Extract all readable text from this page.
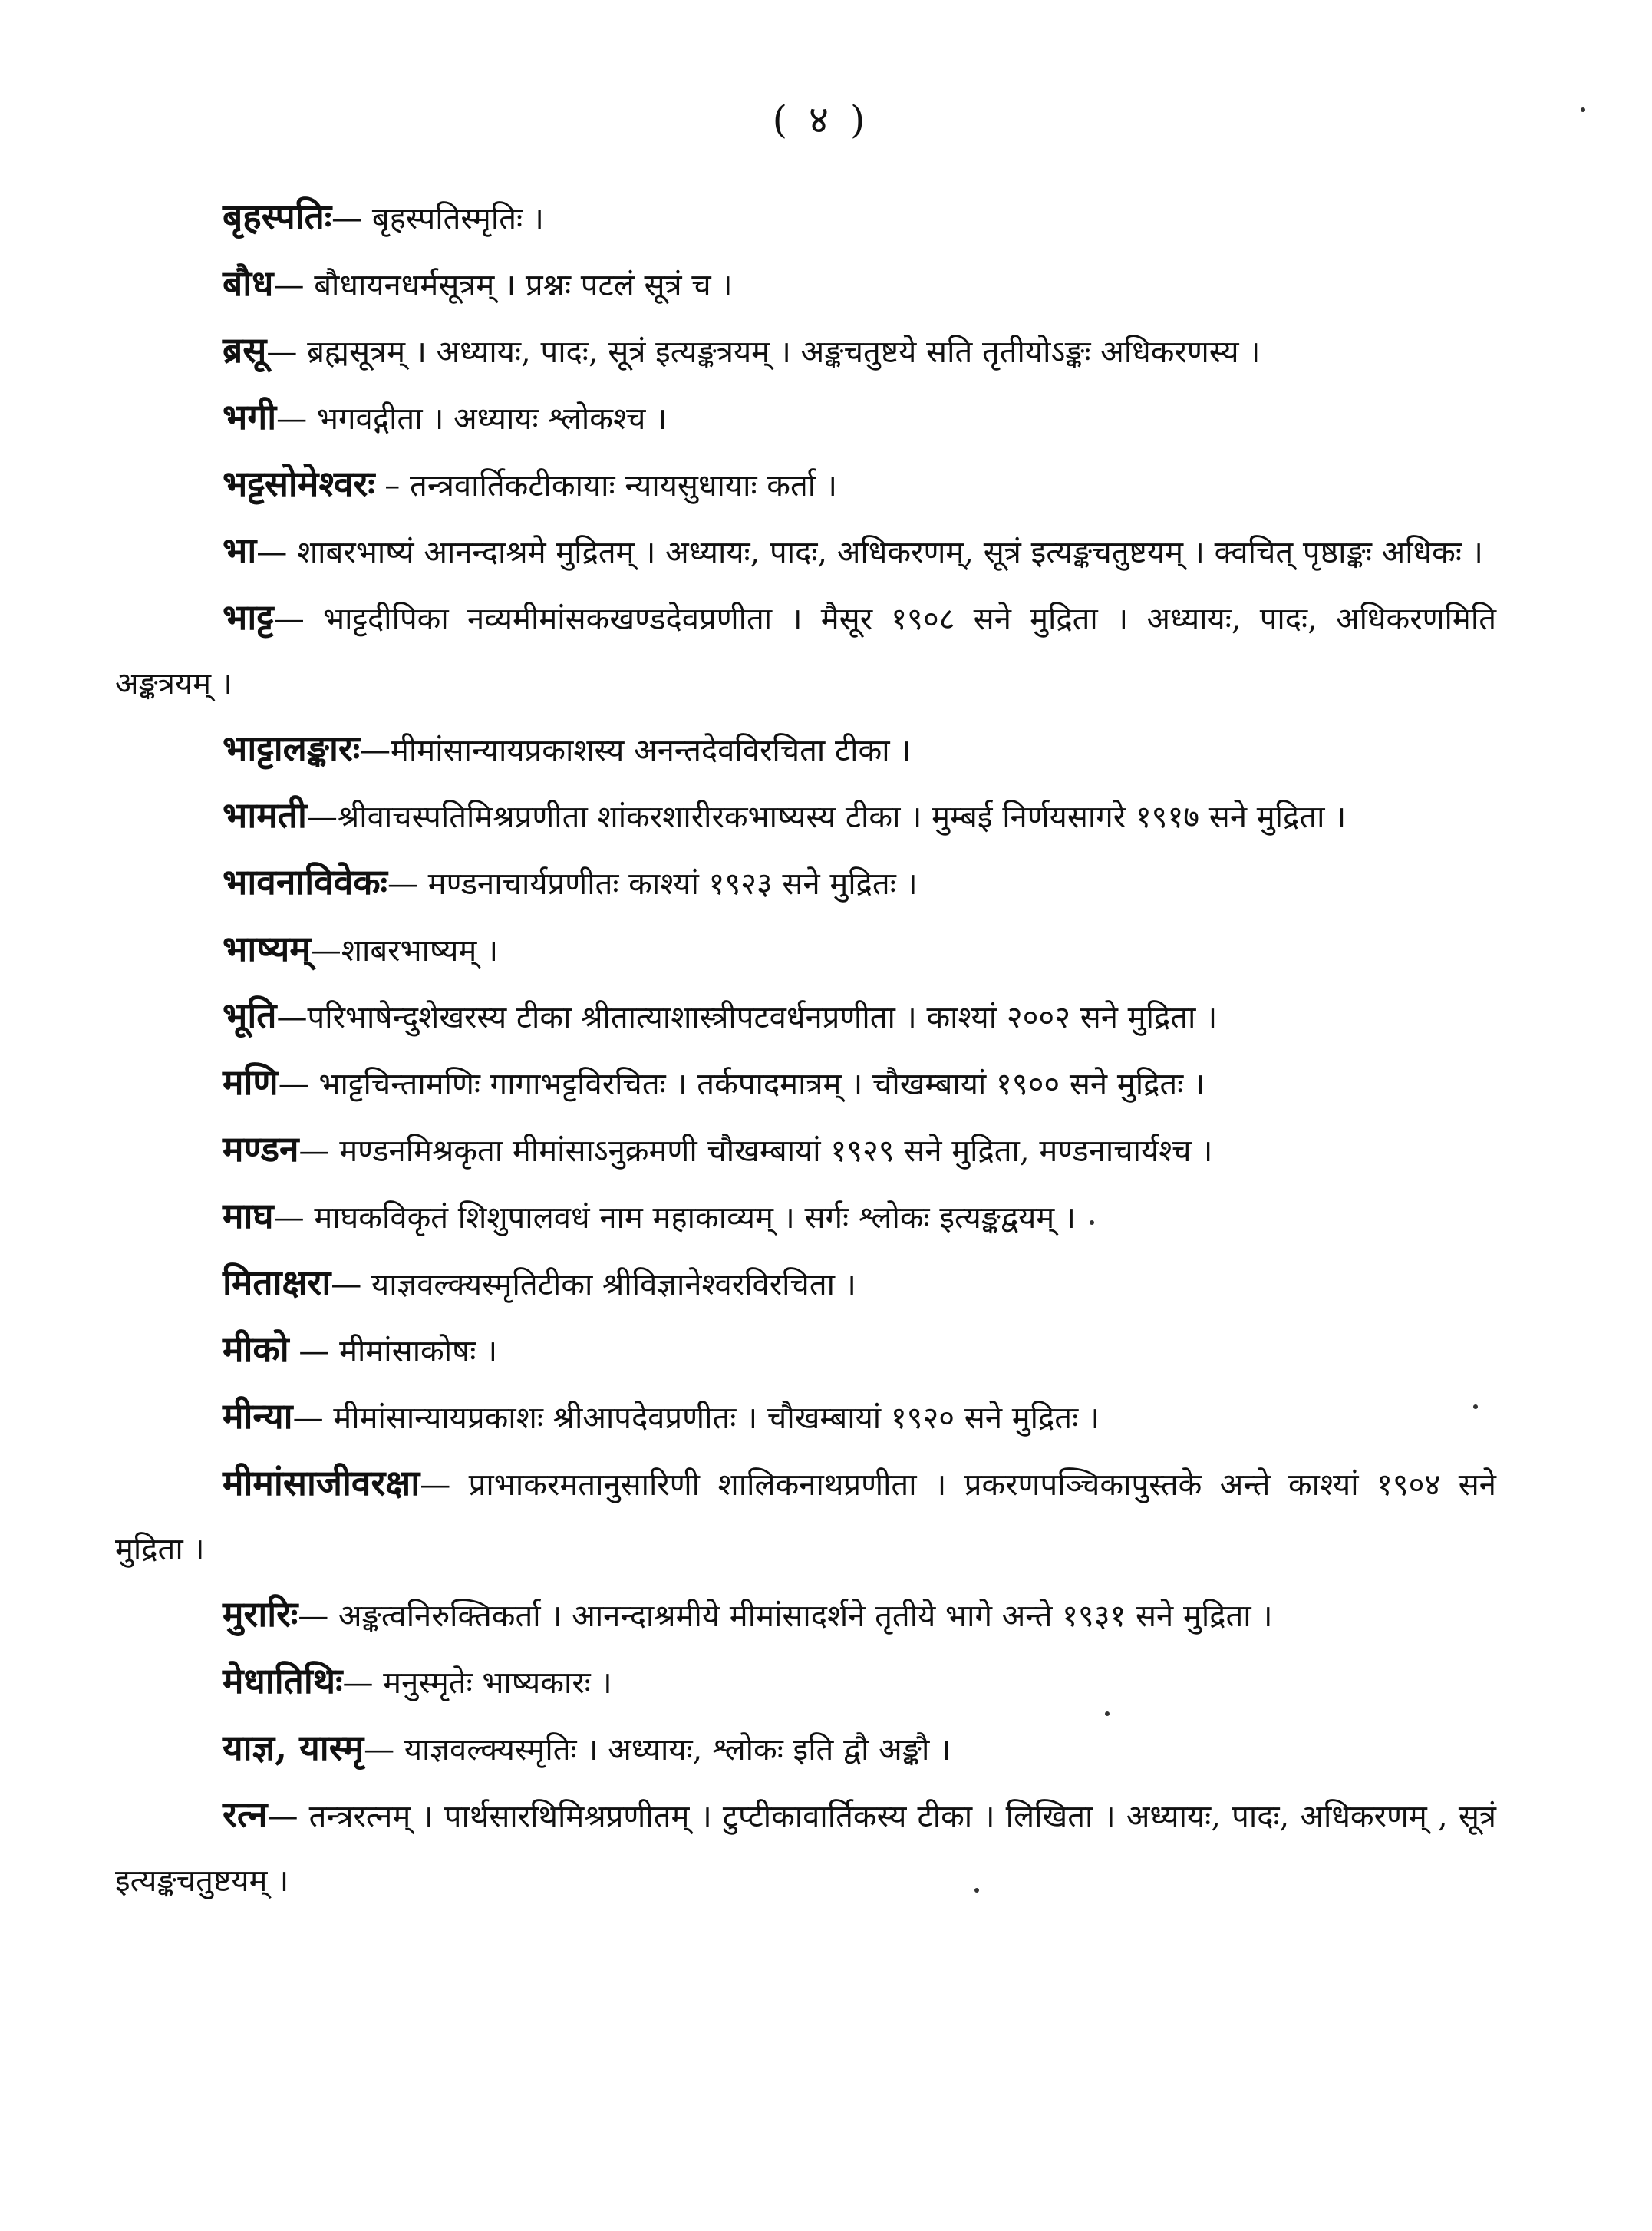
( ४ )

बृहस्पतिः— बृहस्पतिस्मृतिः ।

बौध— बौधायनधर्मसूत्रम् । प्रश्नः पटलं सूत्रं च ।

ब्रसू— ब्रह्मसूत्रम् । अध्यायः, पादः, सूत्रं इत्यङ्कत्रयम् । अङ्कचतुष्टये सति तृतीयोऽङ्कः अधिकरणस्य ।

भगी— भगवद्गीता । अध्यायः श्लोकश्च ।

भट्टसोमेश्वरः – तन्त्रवार्तिकटीकायाः न्यायसुधायाः कर्ता ।

भा— शाबरभाष्यं आनन्दाश्रमे मुद्रितम् । अध्यायः, पादः, अधिकरणम्, सूत्रं इत्यङ्कचतुष्टयम् । क्वचित् पृष्ठाङ्कः अधिकः ।

भाट्ट— भाट्टदीपिका नव्यमीमांसकखण्डदेवप्रणीता । मैसूर १९०८ सने मुद्रिता । अध्यायः, पादः, अधिकरणमिति अङ्कत्रयम् ।

भाट्टालङ्कारः—मीमांसान्यायप्रकाशस्य अनन्तदेवविरचिता टीका ।

भामती—श्रीवाचस्पतिमिश्रप्रणीता शांकरशारीरकभाष्यस्य टीका । मुम्बई निर्णयसागरे १९१७ सने मुद्रिता ।

भावनाविवेकः— मण्डनाचार्यप्रणीतः काश्यां १९२३ सने मुद्रितः ।

भाष्यम्—शाबरभाष्यम् ।

भूति—परिभाषेन्दुशेखरस्य टीका श्रीतात्याशास्त्रीपटवर्धनप्रणीता । काश्यां २००२ सने मुद्रिता ।

मणि— भाट्टचिन्तामणिः गागाभट्टविरचितः । तर्कपादमात्रम् । चौखम्बायां १९०० सने मुद्रितः ।

मण्डन— मण्डनमिश्रकृता मीमांसाऽनुक्रमणी चौखम्बायां १९२९ सने मुद्रिता, मण्डनाचार्यश्च ।

माघ— माघकविकृतं शिशुपालवधं नाम महाकाव्यम् । सर्गः श्लोकः इत्यङ्कद्वयम् ।

मिताक्षरा— याज्ञवल्क्यस्मृतिटीका श्रीविज्ञानेश्वरविरचिता ।

मीको — मीमांसाकोषः ।

मीन्या— मीमांसान्यायप्रकाशः श्रीआपदेवप्रणीतः । चौखम्बायां १९२० सने मुद्रितः ।

मीमांसाजीवरक्षा— प्राभाकरमतानुसारिणी शालिकनाथप्रणीता । प्रकरणपञ्चिकापुस्तके अन्ते काश्यां १९०४ सने मुद्रिता ।

मुरारिः— अङ्कत्वनिरुक्तिकर्ता । आनन्दाश्रमीये मीमांसादर्शने तृतीये भागे अन्ते १९३१ सने मुद्रिता ।

मेधातिथिः— मनुस्मृतेः भाष्यकारः ।

याज्ञ, यास्मृ— याज्ञवल्क्यस्मृतिः । अध्यायः, श्लोकः इति द्वौ अङ्कौ ।

रत्न— तन्त्ररत्नम् । पार्थसारथिमिश्रप्रणीतम् । टुप्टीकावार्तिकस्य टीका । लिखिता । अध्यायः, पादः, अधिकरणम् , सूत्रं इत्यङ्कचतुष्टयम् ।
